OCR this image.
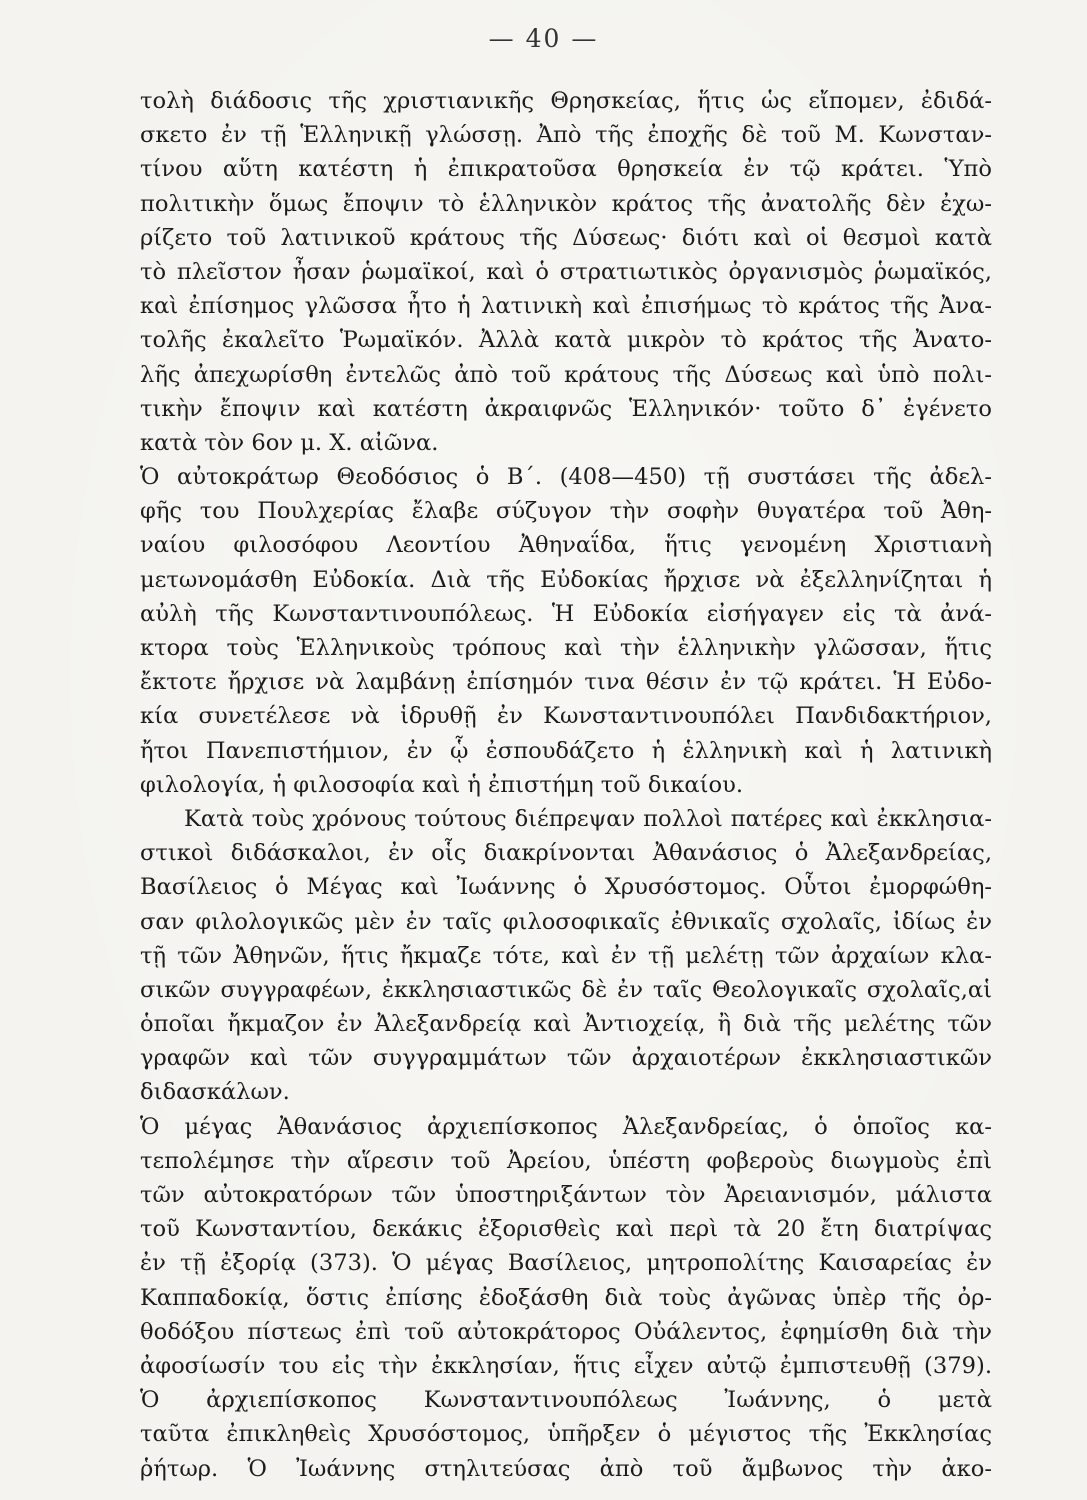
— 40 —
τολὴ διάδοσις τῆς χριστιανικῆς Θρησκείας, ἥτις ὡς εἴπομεν, ἐδιδά-
σκετο ἐν τῇ Ἑλληνικῇ γλώσσῃ. Ἀπὸ τῆς ἐποχῆς δὲ τοῦ Μ. Κωνσταν-
τίνου αὕτη κατέστη ἡ ἐπικρατοῦσα θρησκεία ἐν τῷ κράτει. Ὑπὸ
πολιτικὴν ὅμως ἔποψιν τὸ ἑλληνικὸν κράτος τῆς ἀνατολῆς δὲν ἐχω-
ρίζετο τοῦ λατινικοῦ κράτους τῆς Δύσεως· διότι καὶ οἱ θεσμοὶ κατὰ
τὸ πλεῖστον ἦσαν ῥωμαϊκοί, καὶ ὁ στρατιωτικὸς ὀργανισμὸς ῥωμαϊκός,
καὶ ἐπίσημος γλῶσσα ἦτο ἡ λατινικὴ καὶ ἐπισήμως τὸ κράτος τῆς Ἀνα-
τολῆς ἐκαλεῖτο Ῥωμαϊκόν. Ἀλλὰ κατὰ μικρὸν τὸ κράτος τῆς Ἀνατο-
λῆς ἀπεχωρίσθη ἐντελῶς ἀπὸ τοῦ κράτους τῆς Δύσεως καὶ ὑπὸ πολι-
τικὴν ἔποψιν καὶ κατέστη ἀκραιφνῶς Ἑλληνικόν· τοῦτο δ᾽ ἐγένετο
κατὰ τὸν 6ον μ. Χ. αἰῶνα.
Ὁ αὐτοκράτωρ Θεοδόσιος ὁ Β΄. (408—450) τῇ συστάσει τῆς ἀδελ-
φῆς του Πουλχερίας ἔλαβε σύζυγον τὴν σοφὴν θυγατέρα τοῦ Ἀθη-
ναίου φιλοσόφου Λεοντίου Ἀθηναΐδα, ἥτις γενομένη Χριστιανὴ
μετωνομάσθη Εὐδοκία. Διὰ τῆς Εὐδοκίας ἤρχισε νὰ ἐξελληνίζηται ἡ
αὐλὴ τῆς Κωνσταντινουπόλεως. Ἡ Εὐδοκία εἰσήγαγεν εἰς τὰ ἀνά-
κτορα τοὺς Ἑλληνικοὺς τρόπους καὶ τὴν ἑλληνικὴν γλῶσσαν, ἥτις
ἔκτοτε ἤρχισε νὰ λαμβάνῃ ἐπίσημόν τινα θέσιν ἐν τῷ κράτει. Ἡ Εὐδο-
κία συνετέλεσε νὰ ἱδρυθῇ ἐν Κωνσταντινουπόλει Πανδιδακτήριον,
ἤτοι Πανεπιστήμιον, ἐν ᾧ ἐσπουδάζετο ἡ ἑλληνικὴ καὶ ἡ λατινικὴ
φιλολογία, ἡ φιλοσοφία καὶ ἡ ἐπιστήμη τοῦ δικαίου.
Κατὰ τοὺς χρόνους τούτους διέπρεψαν πολλοὶ πατέρες καὶ ἐκκλησια-
στικοὶ διδάσκαλοι, ἐν οἷς διακρίνονται Ἀθανάσιος ὁ Ἀλεξανδρείας,
Βασίλειος ὁ Μέγας καὶ Ἰωάννης ὁ Χρυσόστομος. Οὗτοι ἐμορφώθη-
σαν φιλολογικῶς μὲν ἐν ταῖς φιλοσοφικαῖς ἐθνικαῖς σχολαῖς, ἰδίως ἐν
τῇ τῶν Ἀθηνῶν, ἥτις ἤκμαζε τότε, καὶ ἐν τῇ μελέτῃ τῶν ἀρχαίων κλα-
σικῶν συγγραφέων, ἐκκλησιαστικῶς δὲ ἐν ταῖς Θεολογικαῖς σχολαῖς,αἱ
ὁποῖαι ἤκμαζον ἐν Ἀλεξανδρείᾳ καὶ Ἀντιοχείᾳ, ἢ διὰ τῆς μελέτης τῶν
γραφῶν καὶ τῶν συγγραμμάτων τῶν ἀρχαιοτέρων ἐκκλησιαστικῶν
διδασκάλων.
Ὁ μέγας Ἀθανάσιος ἀρχιεπίσκοπος Ἀλεξανδρείας, ὁ ὁποῖος κα-
τεπολέμησε τὴν αἵρεσιν τοῦ Ἀρείου, ὑπέστη φοβεροὺς διωγμοὺς ἐπὶ
τῶν αὐτοκρατόρων τῶν ὑποστηριξάντων τὸν Ἀρειανισμόν, μάλιστα
τοῦ Κωνσταντίου, δεκάκις ἐξορισθεὶς καὶ περὶ τὰ 20 ἔτη διατρίψας
ἐν τῇ ἐξορίᾳ (373). Ὁ μέγας Βασίλειος, μητροπολίτης Καισαρείας ἐν
Καππαδοκίᾳ, ὅστις ἐπίσης ἐδοξάσθη διὰ τοὺς ἀγῶνας ὑπὲρ τῆς ὀρ-
θοδόξου πίστεως ἐπὶ τοῦ αὐτοκράτορος Οὐάλεντος, ἐφημίσθη διὰ τὴν
ἀφοσίωσίν του εἰς τὴν ἐκκλησίαν, ἥτις εἶχεν αὐτῷ ἐμπιστευθῇ (379).
Ὁ ἀρχιεπίσκοπος Κωνσταντινουπόλεως Ἰωάννης, ὁ μετὰ
ταῦτα ἐπικληθεὶς Χρυσόστομος, ὑπῆρξεν ὁ μέγιστος τῆς Ἐκκλησίας
ῥήτωρ. Ὁ Ἰωάννης στηλιτεύσας ἀπὸ τοῦ ἄμβωνος τὴν ἀκο-
